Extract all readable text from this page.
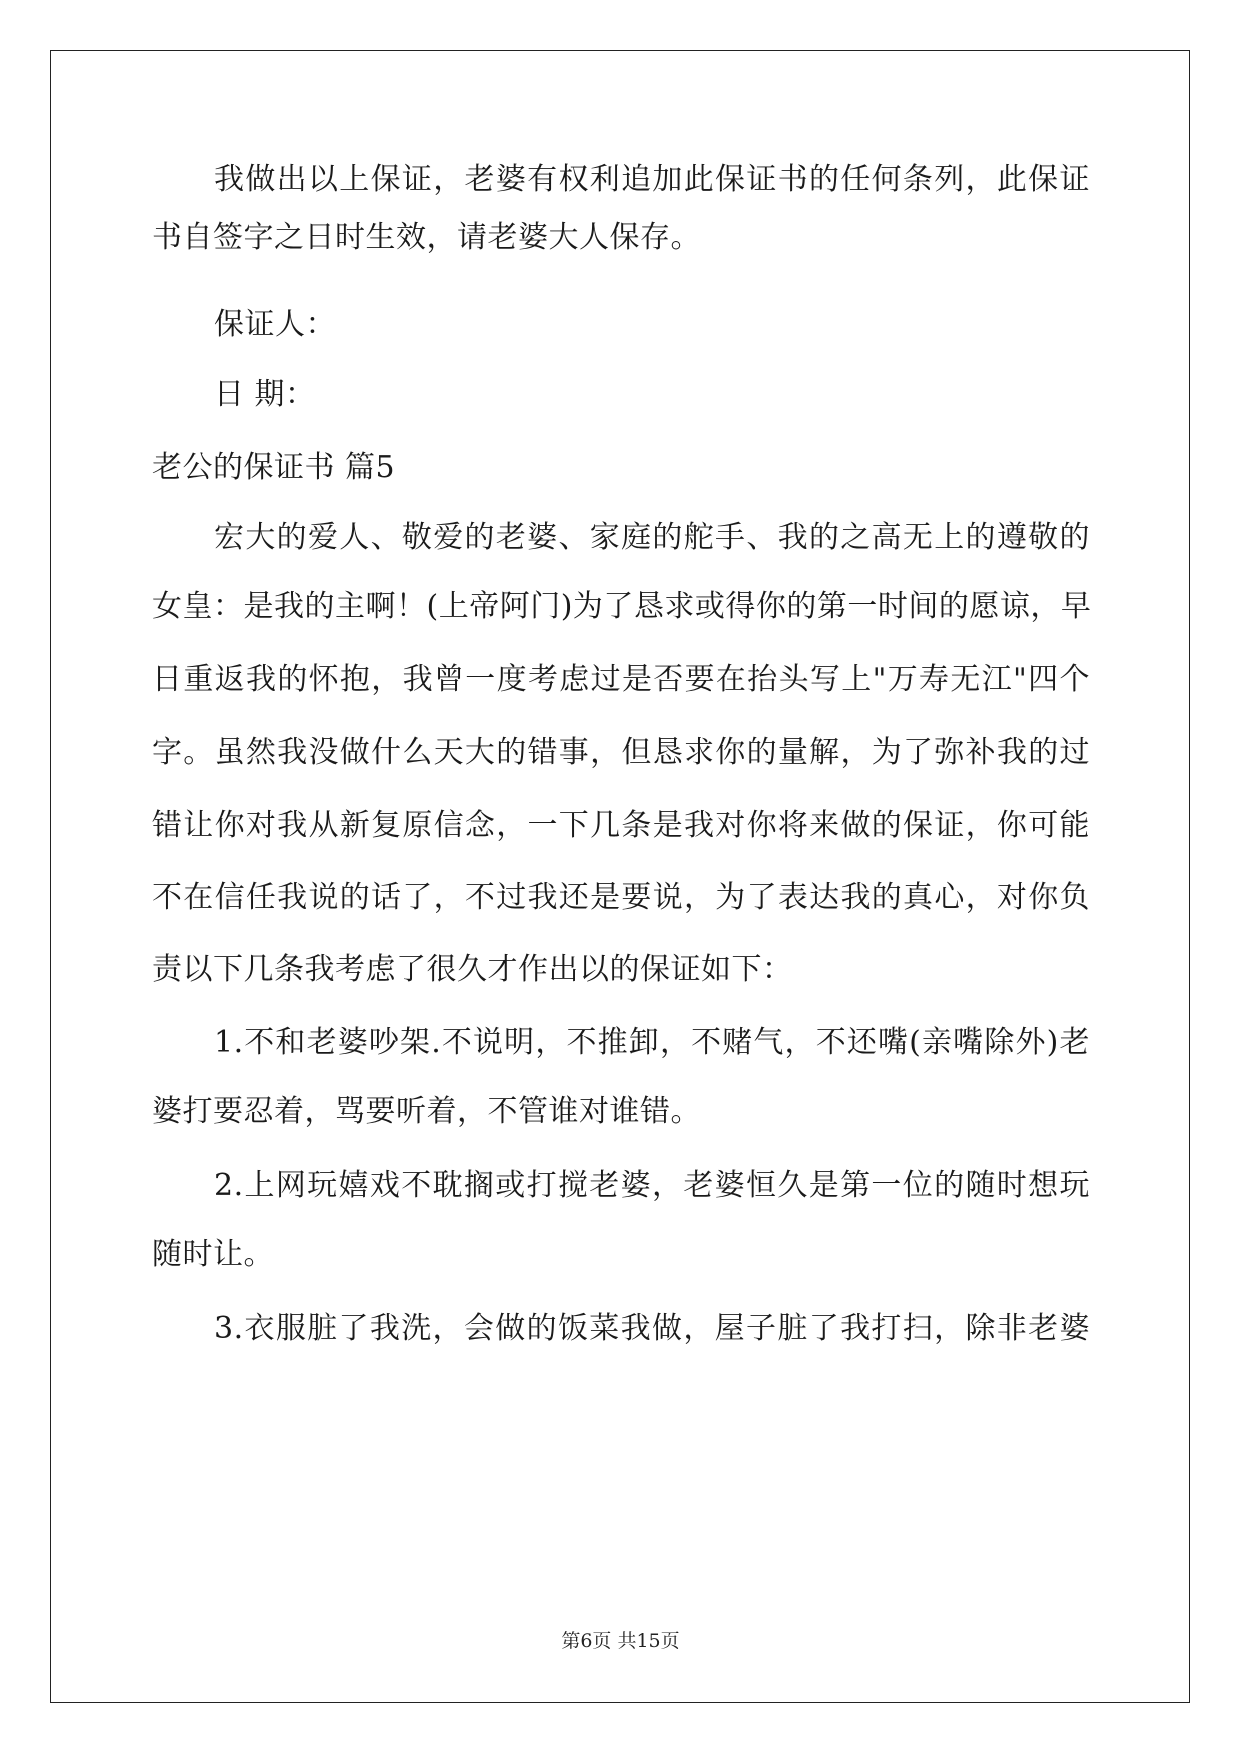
我做出以上保证，老婆有权利追加此保证书的任何条列，此保证
书自签字之日时生效，请老婆大人保存。
保证人：
日 期：
老公的保证书 篇5
宏大的爱人、敬爱的老婆、家庭的舵手、我的之高无上的遵敬的
女皇：是我的主啊！(上帝阿门)为了恳求或得你的第一时间的愿谅，早
日重返我的怀抱，我曾一度考虑过是否要在抬头写上"万寿无江"四个
字。虽然我没做什么天大的错事，但恳求你的量解，为了弥补我的过
错让你对我从新复原信念，一下几条是我对你将来做的保证，你可能
不在信任我说的话了，不过我还是要说，为了表达我的真心，对你负
责以下几条我考虑了很久才作出以的保证如下：
1.不和老婆吵架.不说明，不推卸，不赌气，不还嘴(亲嘴除外)老
婆打要忍着，骂要听着，不管谁对谁错。
2.上网玩嬉戏不耽搁或打搅老婆，老婆恒久是第一位的随时想玩
随时让。
3.衣服脏了我洗，会做的饭菜我做，屋子脏了我打扫，除非老婆
第6页 共15页
